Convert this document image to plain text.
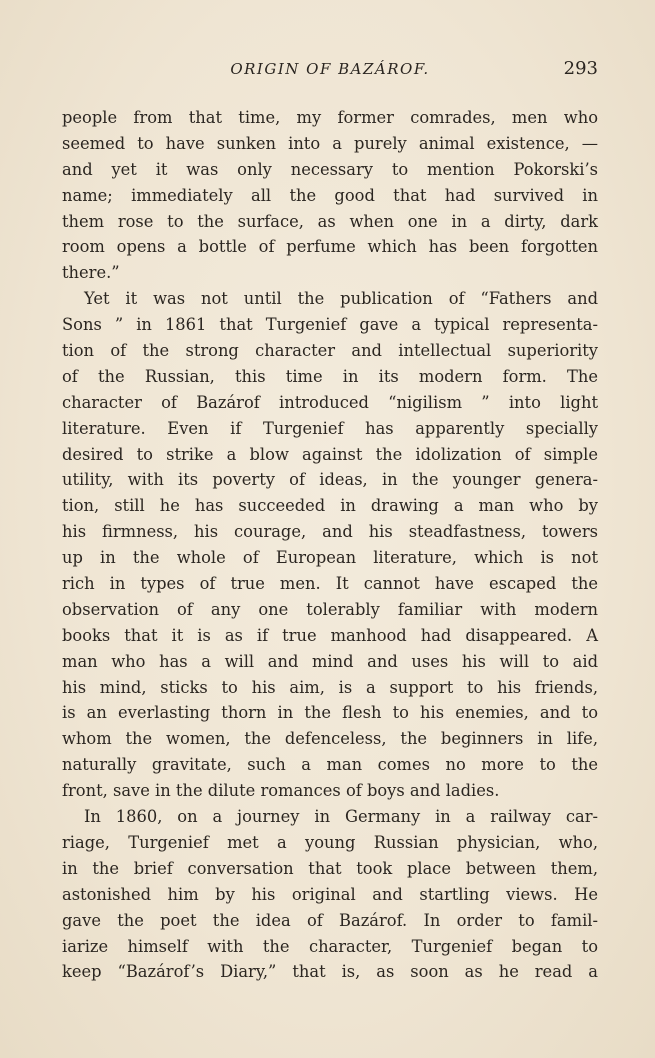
ORIGIN OF BAZÁROF.	293
people from that time, my former comrades, men who
seemed to have sunken into a purely animal existence, —
and yet it was only necessary to mention Pokorski’s
name; immediately all the good that had survived in
them rose to the surface, as when one in a dirty, dark
room opens a bottle of perfume which has been forgotten
there.”
Yet it was not until the publication of “Fathers and
Sons ” in 1861 that Turgenief gave a typical representa-
tion of the strong character and intellectual superiority
of the Russian, this time in its modern form. The
character of Bazárof introduced “nigilism ” into light
literature. Even if Turgenief has apparently specially
desired to strike a blow against the idolization of simple
utility, with its poverty of ideas, in the younger genera-
tion, still he has succeeded in drawing a man who by
his firmness, his courage, and his steadfastness, towers
up in the whole of European literature, which is not
rich in types of true men. It cannot have escaped the
observation of any one tolerably familiar with modern
books that it is as if true manhood had disappeared. A
man who has a will and mind and uses his will to aid
his mind, sticks to his aim, is a support to his friends,
is an everlasting thorn in the flesh to his enemies, and to
whom the women, the defenceless, the beginners in life,
naturally gravitate, such a man comes no more to the
front, save in the dilute romances of boys and ladies.
In 1860, on a journey in Germany in a railway car-
riage, Turgenief met a young Russian physician, who,
in the brief conversation that took place between them,
astonished him by his original and startling views. He
gave the poet the idea of Bazárof. In order to famil-
iarize himself with the character, Turgenief began to
keep “Bazárof’s Diary,” that is, as soon as he read a
